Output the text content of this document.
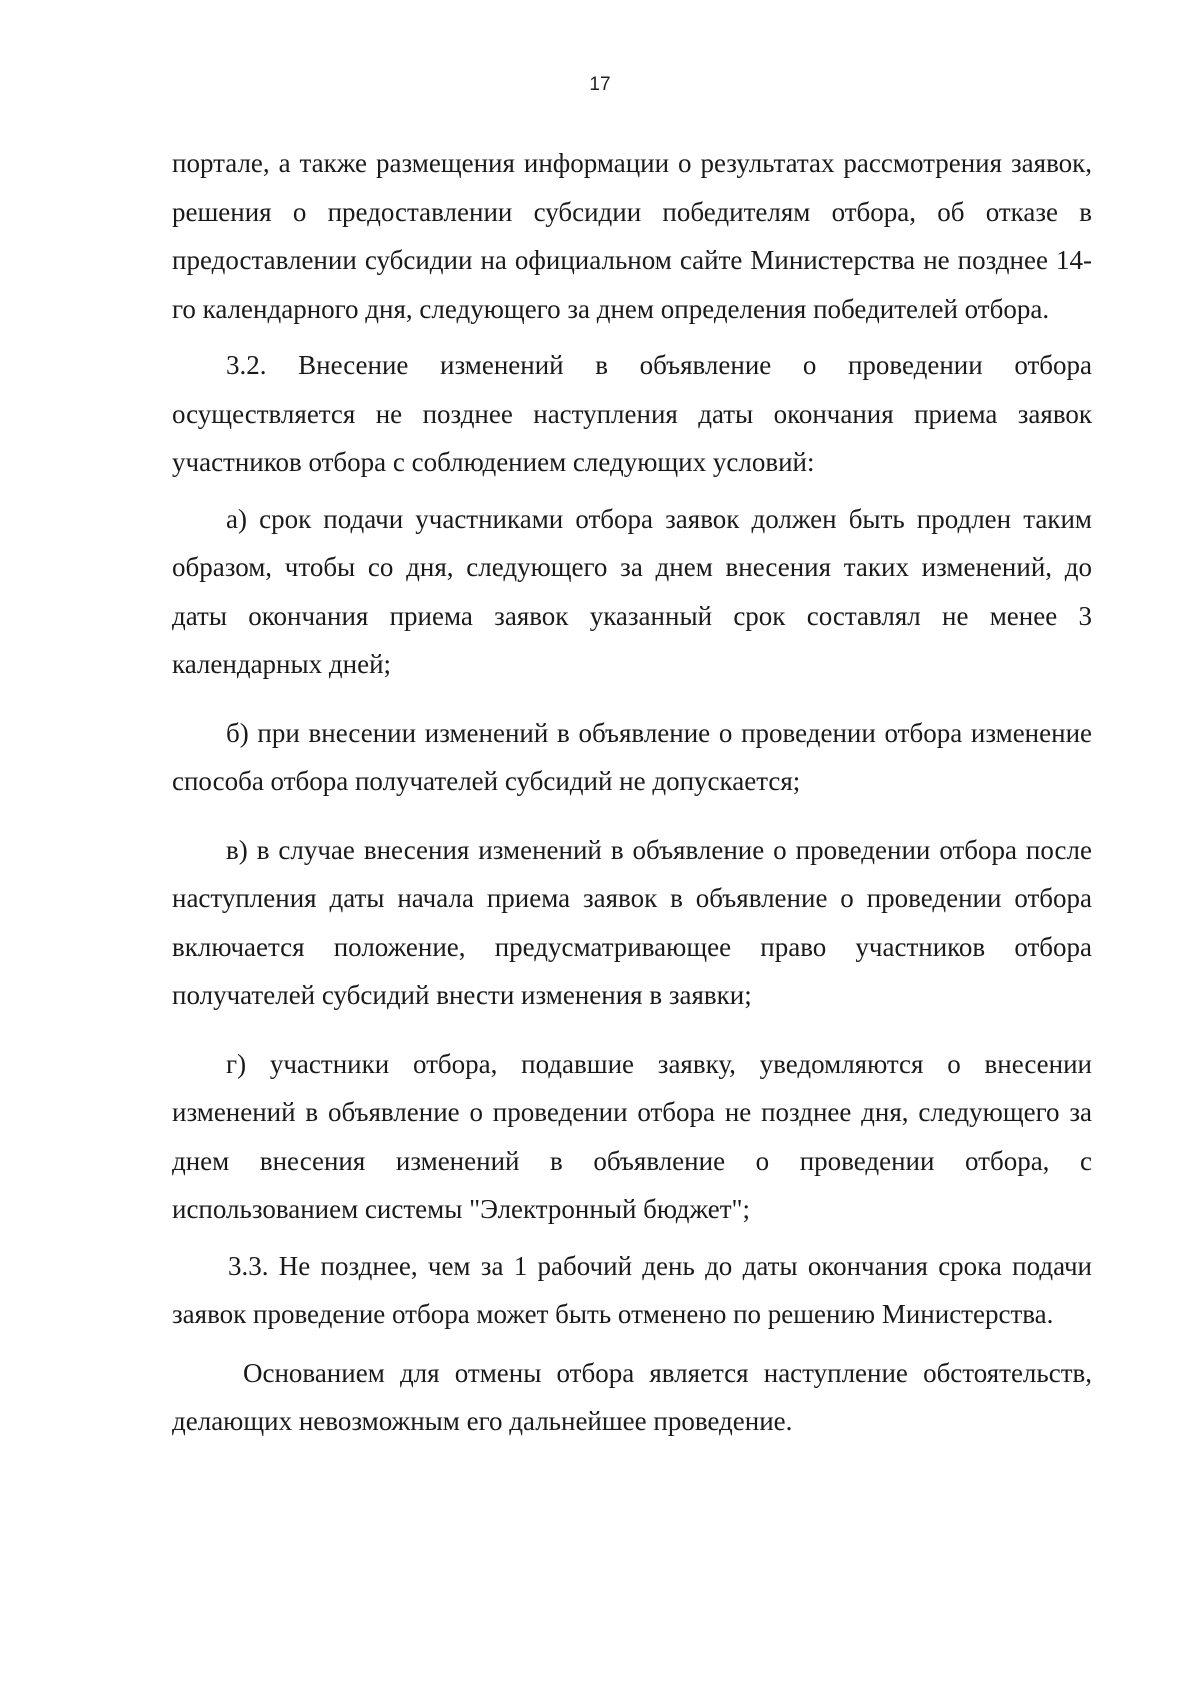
17

портале, а также размещения информации о результатах рассмотрения заявок, решения о предоставлении субсидии победителям отбора, об отказе в предоставлении субсидии на официальном сайте Министерства не позднее 14-го календарного дня, следующего за днем определения победителей отбора.

3.2. Внесение изменений в объявление о проведении отбора осуществляется не позднее наступления даты окончания приема заявок участников отбора с соблюдением следующих условий:

а) срок подачи участниками отбора заявок должен быть продлен таким образом, чтобы со дня, следующего за днем внесения таких изменений, до даты окончания приема заявок указанный срок составлял не менее 3 календарных дней;

б) при внесении изменений в объявление о проведении отбора изменение способа отбора получателей субсидий не допускается;

в) в случае внесения изменений в объявление о проведении отбора после наступления даты начала приема заявок в объявление о проведении отбора включается положение, предусматривающее право участников отбора получателей субсидий внести изменения в заявки;

г) участники отбора, подавшие заявку, уведомляются о внесении изменений в объявление о проведении отбора не позднее дня, следующего за днем внесения изменений в объявление о проведении отбора, с использованием системы "Электронный бюджет";

3.3. Не позднее, чем за 1 рабочий день до даты окончания срока подачи заявок проведение отбора может быть отменено по решению Министерства.

Основанием для отмены отбора является наступление обстоятельств, делающих невозможным его дальнейшее проведение.
